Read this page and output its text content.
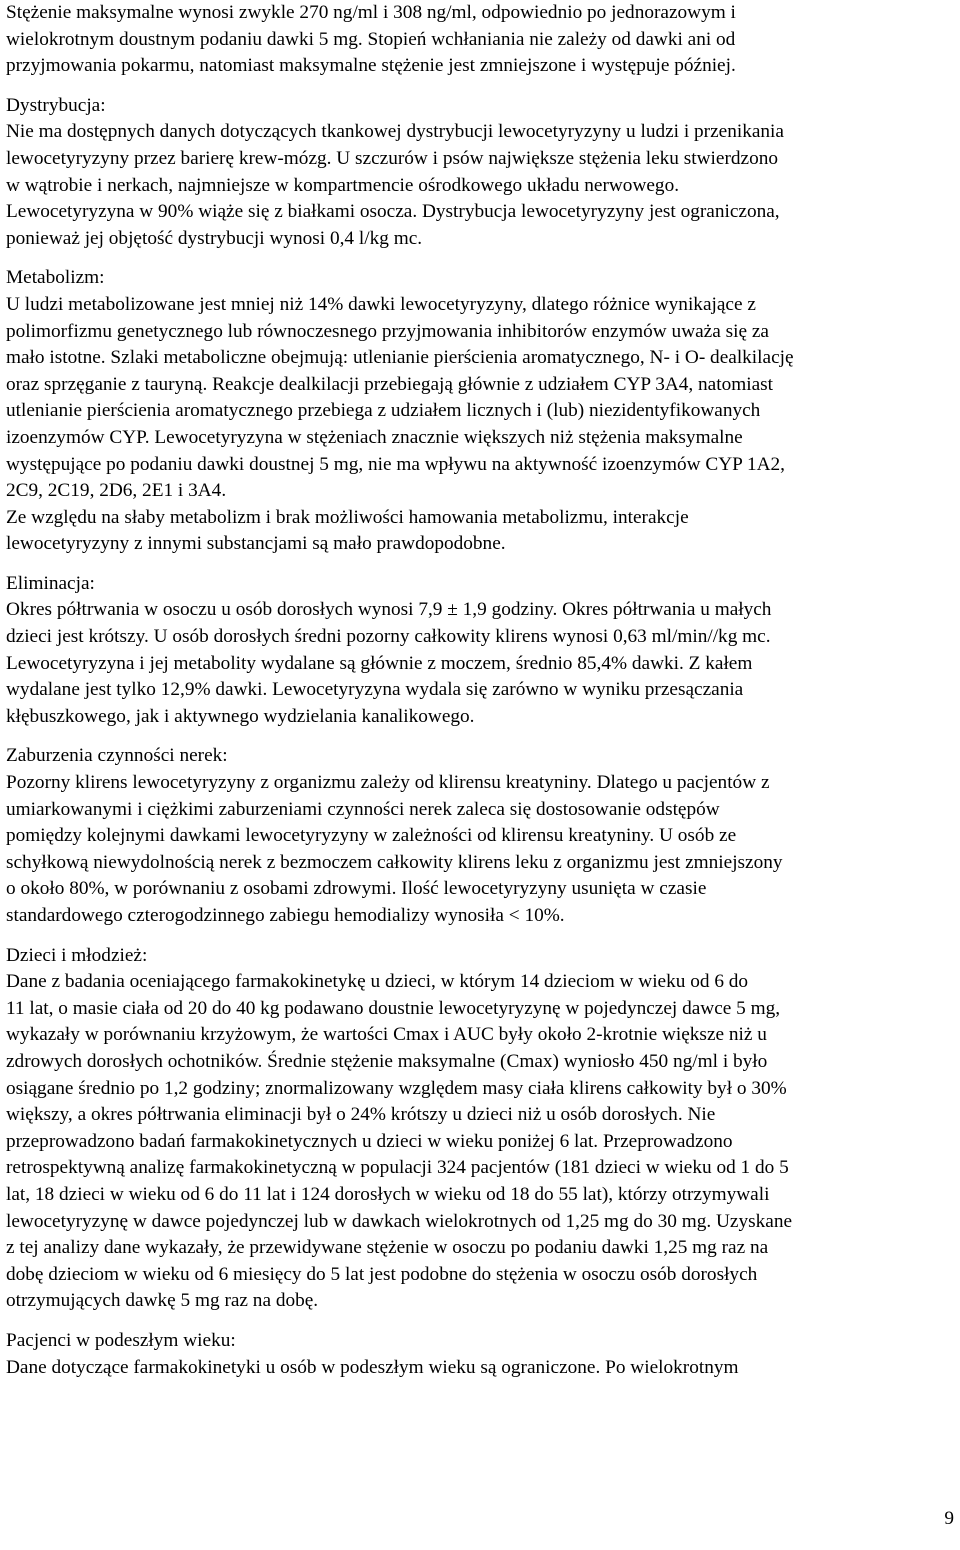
Stężenie maksymalne wynosi zwykle 270 ng/ml i 308 ng/ml, odpowiednio po jednorazowym i
wielokrotnym doustnym podaniu dawki 5 mg. Stopień wchłaniania nie zależy od dawki ani od
przyjmowania pokarmu, natomiast maksymalne stężenie jest zmniejszone i występuje później.
Dystrybucja:
Nie ma dostępnych danych dotyczących tkankowej dystrybucji lewocetyryzyny u ludzi i przenikania
lewocetyryzyny przez barierę krew-mózg. U szczurów i psów największe stężenia leku stwierdzono
w wątrobie i nerkach, najmniejsze w kompartmencie ośrodkowego układu nerwowego.
Lewocetyryzyna w 90% wiąże się z białkami osocza. Dystrybucja lewocetyryzyny jest ograniczona,
ponieważ jej objętość dystrybucji wynosi 0,4 l/kg mc.
Metabolizm:
U ludzi metabolizowane jest mniej niż 14% dawki lewocetyryzyny, dlatego różnice wynikające z
polimorfizmu genetycznego lub równoczesnego przyjmowania inhibitorów enzymów uważa się za
mało istotne. Szlaki metaboliczne obejmują: utlenianie pierścienia aromatycznego, N- i O- dealkilację
oraz sprzęganie z tauryną. Reakcje dealkilacji przebiegają głównie z udziałem CYP 3A4, natomiast
utlenianie pierścienia aromatycznego przebiega z udziałem licznych i (lub) niezidentyfikowanych
izoenzymów CYP. Lewocetyryzyna w stężeniach znacznie większych niż stężenia maksymalne
występujące po podaniu dawki doustnej 5 mg, nie ma wpływu na aktywność izoenzymów CYP 1A2,
2C9, 2C19, 2D6, 2E1 i 3A4.
Ze względu na słaby metabolizm i brak możliwości hamowania metabolizmu, interakcje
lewocetyryzyny z innymi substancjami są mało prawdopodobne.
Eliminacja:
Okres półtrwania w osoczu u osób dorosłych wynosi 7,9 ± 1,9 godziny. Okres półtrwania u małych
dzieci jest krótszy. U osób dorosłych średni pozorny całkowity klirens wynosi 0,63 ml/min//kg mc.
Lewocetyryzyna i jej metabolity wydalane są głównie z moczem, średnio 85,4% dawki. Z kałem
wydalane jest tylko 12,9% dawki. Lewocetyryzyna wydala się zarówno w wyniku przesączania
kłębuszkowego, jak i aktywnego wydzielania kanalikowego.
Zaburzenia czynności nerek:
Pozorny klirens lewocetyryzyny z organizmu zależy od klirensu kreatyniny. Dlatego u pacjentów z
umiarkowanymi i ciężkimi zaburzeniami czynności nerek zaleca się dostosowanie odstępów
pomiędzy kolejnymi dawkami lewocetyryzyny w zależności od klirensu kreatyniny. U osób ze
schyłkową niewydolnością nerek z bezmoczem całkowity klirens leku z organizmu jest zmniejszony
o około 80%, w porównaniu z osobami zdrowymi. Ilość lewocetyryzyny usunięta w czasie
standardowego czterogodzinnego zabiegu hemodializy wynosiła < 10%.
Dzieci i młodzież:
Dane z badania oceniającego farmakokinetykę u dzieci, w którym 14 dzieciom w wieku od 6 do
11 lat, o masie ciała od 20 do 40 kg podawano doustnie lewocetyryzynę w pojedynczej dawce 5 mg,
wykazały w porównaniu krzyżowym, że wartości Cmax i AUC były około 2-krotnie większe niż u
zdrowych dorosłych ochotników. Średnie stężenie maksymalne (Cmax) wyniosło 450 ng/ml i było
osiągane średnio po 1,2 godziny; znormalizowany względem masy ciała klirens całkowity był o 30%
większy, a okres półtrwania eliminacji był o 24% krótszy u dzieci niż u osób dorosłych. Nie
przeprowadzono badań farmakokinetycznych u dzieci w wieku poniżej 6 lat. Przeprowadzono
retrospektywną analizę farmakokinetyczną w populacji 324 pacjentów (181 dzieci w wieku od 1 do 5
lat, 18 dzieci w wieku od 6 do 11 lat i 124 dorosłych w wieku od 18 do 55 lat), którzy otrzymywali
lewocetyryzynę w dawce pojedynczej lub w dawkach wielokrotnych od 1,25 mg do 30 mg. Uzyskane
z tej analizy dane wykazały, że przewidywane stężenie w osoczu po podaniu dawki 1,25 mg raz na
dobę dzieciom w wieku od 6 miesięcy do 5 lat jest podobne do stężenia w osoczu osób dorosłych
otrzymujących dawkę 5 mg raz na dobę.
Pacjenci w podeszłym wieku:
Dane dotyczące farmakokinetyki u osób w podeszłym wieku są ograniczone. Po wielokrotnym
9
